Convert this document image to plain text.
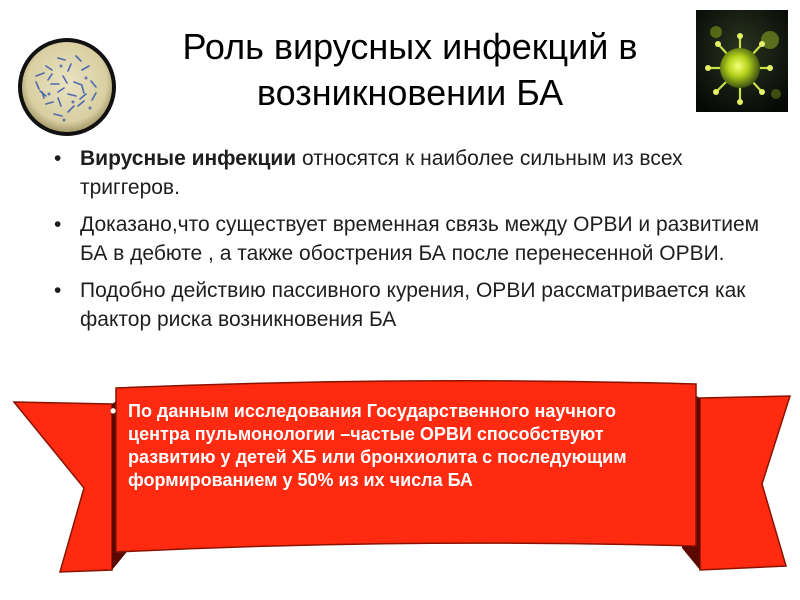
Роль вирусных инфекций в
возникновении БА
• Вирусные инфекции относятся к наиболее сильным из всех триггеров.
• Доказано,что существует временная связь между ОРВИ и развитием БА в дебюте , а также обострения БА после перенесенной ОРВИ.
• Подобно действию пассивного курения, ОРВИ рассматривается как фактор риска возникновения БА
• По данным исследования Государственного научного центра пульмонологии –частые ОРВИ способствуют развитию у детей ХБ или бронхиолита с последующим формированием у 50% из их числа БА
